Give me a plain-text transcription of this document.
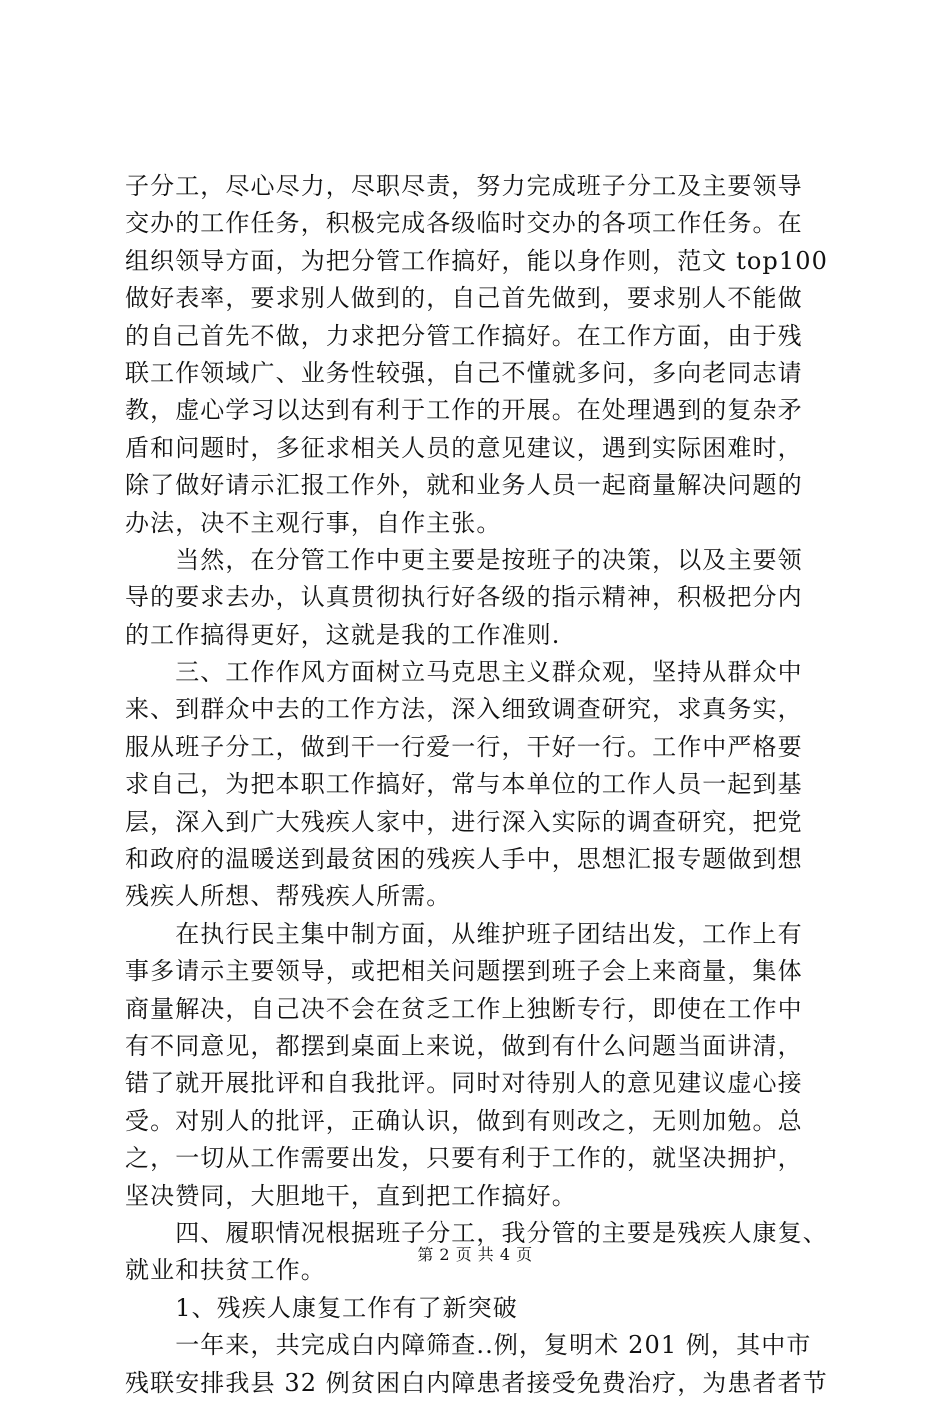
子分工，尽心尽力，尽职尽责，努力完成班子分工及主要领导
交办的工作任务，积极完成各级临时交办的各项工作任务。在
组织领导方面，为把分管工作搞好，能以身作则，范文 top100
做好表率，要求别人做到的，自己首先做到，要求别人不能做
的自己首先不做，力求把分管工作搞好。在工作方面，由于残
联工作领域广、业务性较强，自己不懂就多问，多向老同志请
教，虚心学习以达到有利于工作的开展。在处理遇到的复杂矛
盾和问题时，多征求相关人员的意见建议，遇到实际困难时，
除了做好请示汇报工作外，就和业务人员一起商量解决问题的
办法，决不主观行事，自作主张。
　　当然，在分管工作中更主要是按班子的决策，以及主要领
导的要求去办，认真贯彻执行好各级的指示精神，积极把分内
的工作搞得更好，这就是我的工作准则.
　　三、工作作风方面树立马克思主义群众观，坚持从群众中
来、到群众中去的工作方法，深入细致调查研究，求真务实，
服从班子分工，做到干一行爱一行，干好一行。工作中严格要
求自己，为把本职工作搞好，常与本单位的工作人员一起到基
层，深入到广大残疾人家中，进行深入实际的调查研究，把党
和政府的温暖送到最贫困的残疾人手中，思想汇报专题做到想
残疾人所想、帮残疾人所需。
　　在执行民主集中制方面，从维护班子团结出发，工作上有
事多请示主要领导，或把相关问题摆到班子会上来商量，集体
商量解决，自己决不会在贫乏工作上独断专行，即使在工作中
有不同意见，都摆到桌面上来说，做到有什么问题当面讲清，
错了就开展批评和自我批评。同时对待别人的意见建议虚心接
受。对别人的批评，正确认识，做到有则改之，无则加勉。总
之，一切从工作需要出发，只要有利于工作的，就坚决拥护，
坚决赞同，大胆地干，直到把工作搞好。
　　四、履职情况根据班子分工，我分管的主要是残疾人康复、
就业和扶贫工作。
　　1、残疾人康复工作有了新突破
　　一年来，共完成白内障筛查..例，复明术 201 例，其中市
残联安排我县 32 例贫困白内障患者接受免费治疗，为患者者节
第 2 页 共 4 页
